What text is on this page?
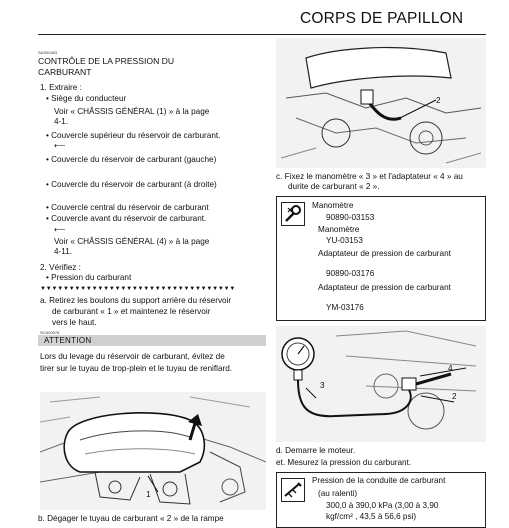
CORPS DE PAPILLON
SAS00463
CONTRÔLE DE LA PRESSION DU
CARBURANT
1. Extraire :
• Siège du conducteur
Voir « CHÂSSIS GÉNÉRAL (1) » à la page
4-1.
• Couvercle supérieur du réservoir de carburant.
⟵
• Couvercle du réservoir de carburant (gauche)
• Couvercle du réservoir de carburant (à droite)
• Couvercle central du réservoir de carburant
• Couvercle avant du réservoir de carburant.
⟵
Voir « CHÂSSIS GÉNÉRAL (4) » à la page
4-11.
2. Vérifiez :
• Pression du carburant
▼▼▼▼▼▼▼▼▼▼▼▼▼▼▼▼▼▼▼▼▼▼▼▼▼▼▼▼▼▼▼▼▼▼
a. Retirez les boulons du support arrière du réservoir
de carburant « 1 » et maintenez le réservoir
vers le haut.
SCA00976
ATTENTION
Lors du levage du réservoir de carburant, évitez de
tirer sur le tuyau de trop-plein et le tuyau de reniflard.
1
b. Dégager le tuyau de carburant « 2 » de la rampe
2
c. Fixez le manomètre « 3 » et l'adaptateur « 4 » au
durite de carburant « 2 ».
Manomètre
90890-03153
Manomètre
YU-03153
Adaptateur de pression de carburant
90890-03176
Adaptateur de pression de carburant
YM-03176
3
4
2
d. Demarre le moteur.
et. Mesurez la pression du carburant.
Pression de la conduite de carburant
(au ralenti)
300,0 à 390,0 kPa (3,00 à 3,90
kgf/cm² , 43,5 à 56,6 psi)
